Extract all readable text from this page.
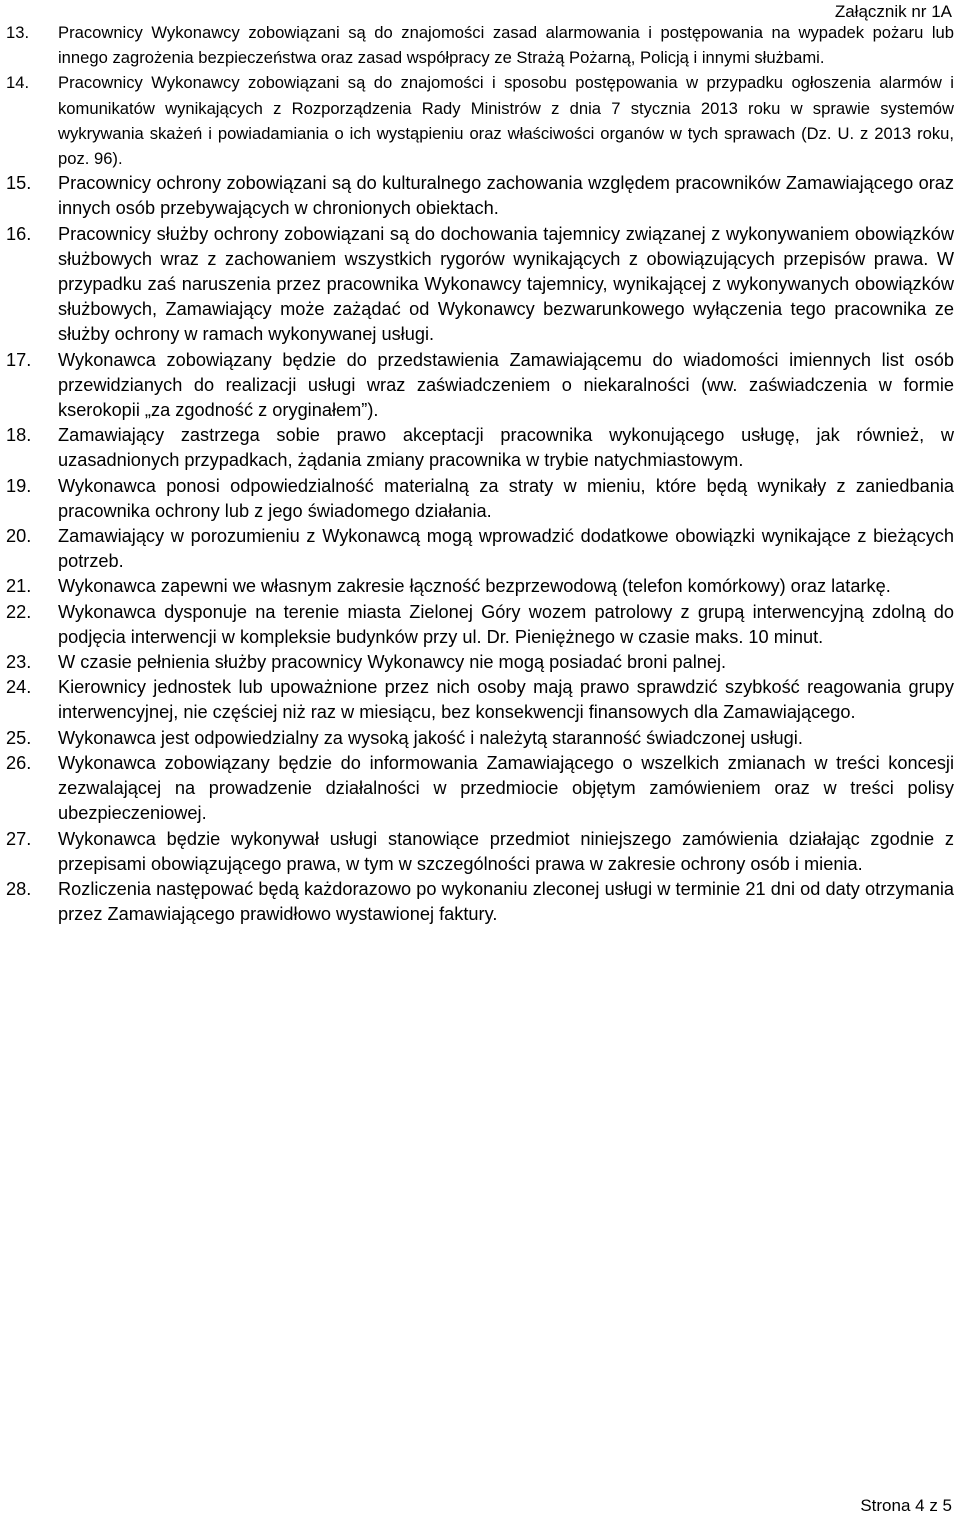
Załącznik nr 1A
13. Pracownicy Wykonawcy zobowiązani są do znajomości zasad alarmowania i postępowania na wypadek pożaru lub innego zagrożenia bezpieczeństwa oraz zasad współpracy ze Strażą Pożarną, Policją i innymi służbami.
14. Pracownicy Wykonawcy zobowiązani są do znajomości i sposobu postępowania w przypadku ogłoszenia alarmów i komunikatów wynikających z Rozporządzenia Rady Ministrów z dnia 7 stycznia 2013 roku w sprawie systemów wykrywania skażeń i powiadamiania o ich wystąpieniu oraz właściwości organów w tych sprawach (Dz. U. z 2013 roku, poz. 96).
15. Pracownicy ochrony zobowiązani są do kulturalnego zachowania względem pracowników Zamawiającego oraz innych osób przebywających w chronionych obiektach.
16. Pracownicy służby ochrony zobowiązani są do dochowania tajemnicy związanej z wykonywaniem obowiązków służbowych wraz z zachowaniem wszystkich rygorów wynikających z obowiązujących przepisów prawa. W przypadku zaś naruszenia przez pracownika Wykonawcy tajemnicy, wynikającej z wykonywanych obowiązków służbowych, Zamawiający może zażądać od Wykonawcy bezwarunkowego wyłączenia tego pracownika ze służby ochrony w ramach wykonywanej usługi.
17. Wykonawca zobowiązany będzie do przedstawienia Zamawiającemu do wiadomości imiennych list osób przewidzianych do realizacji usługi wraz zaświadczeniem o niekaralności (ww. zaświadczenia w formie kserokopii „za zgodność z oryginałem”).
18. Zamawiający zastrzega sobie prawo akceptacji pracownika wykonującego usługę, jak również, w uzasadnionych przypadkach, żądania zmiany pracownika w trybie natychmiastowym.
19. Wykonawca ponosi odpowiedzialność materialną za straty w mieniu, które będą wynikały z zaniedbania pracownika ochrony lub z jego świadomego działania.
20. Zamawiający w porozumieniu z Wykonawcą mogą wprowadzić dodatkowe obowiązki wynikające z bieżących potrzeb.
21. Wykonawca zapewni we własnym zakresie łączność bezprzewodową (telefon komórkowy) oraz latarkę.
22. Wykonawca dysponuje na terenie miasta Zielonej Góry wozem patrolowy z grupą interwencyjną zdolną do podjęcia interwencji w kompleksie budynków przy ul. Dr. Pieniężnego w czasie maks. 10 minut.
23. W czasie pełnienia służby pracownicy Wykonawcy nie mogą posiadać broni palnej.
24. Kierownicy jednostek lub upoważnione przez nich osoby mają prawo sprawdzić szybkość reagowania grupy interwencyjnej, nie częściej niż raz w miesiącu, bez konsekwencji finansowych dla Zamawiającego.
25. Wykonawca jest odpowiedzialny za wysoką jakość i należytą staranność świadczonej usługi.
26. Wykonawca zobowiązany będzie do informowania Zamawiającego o wszelkich zmianach w treści koncesji zezwalającej na prowadzenie działalności w przedmiocie objętym zamówieniem oraz w treści polisy ubezpieczeniowej.
27. Wykonawca będzie wykonywał usługi stanowiące przedmiot niniejszego zamówienia działając zgodnie z przepisami obowiązującego prawa, w tym w szczególności prawa w zakresie ochrony osób i mienia.
28. Rozliczenia następować będą każdorazowo po wykonaniu zleconej usługi w terminie 21 dni od daty otrzymania przez Zamawiającego prawidłowo wystawionej faktury.
Strona 4 z 5
